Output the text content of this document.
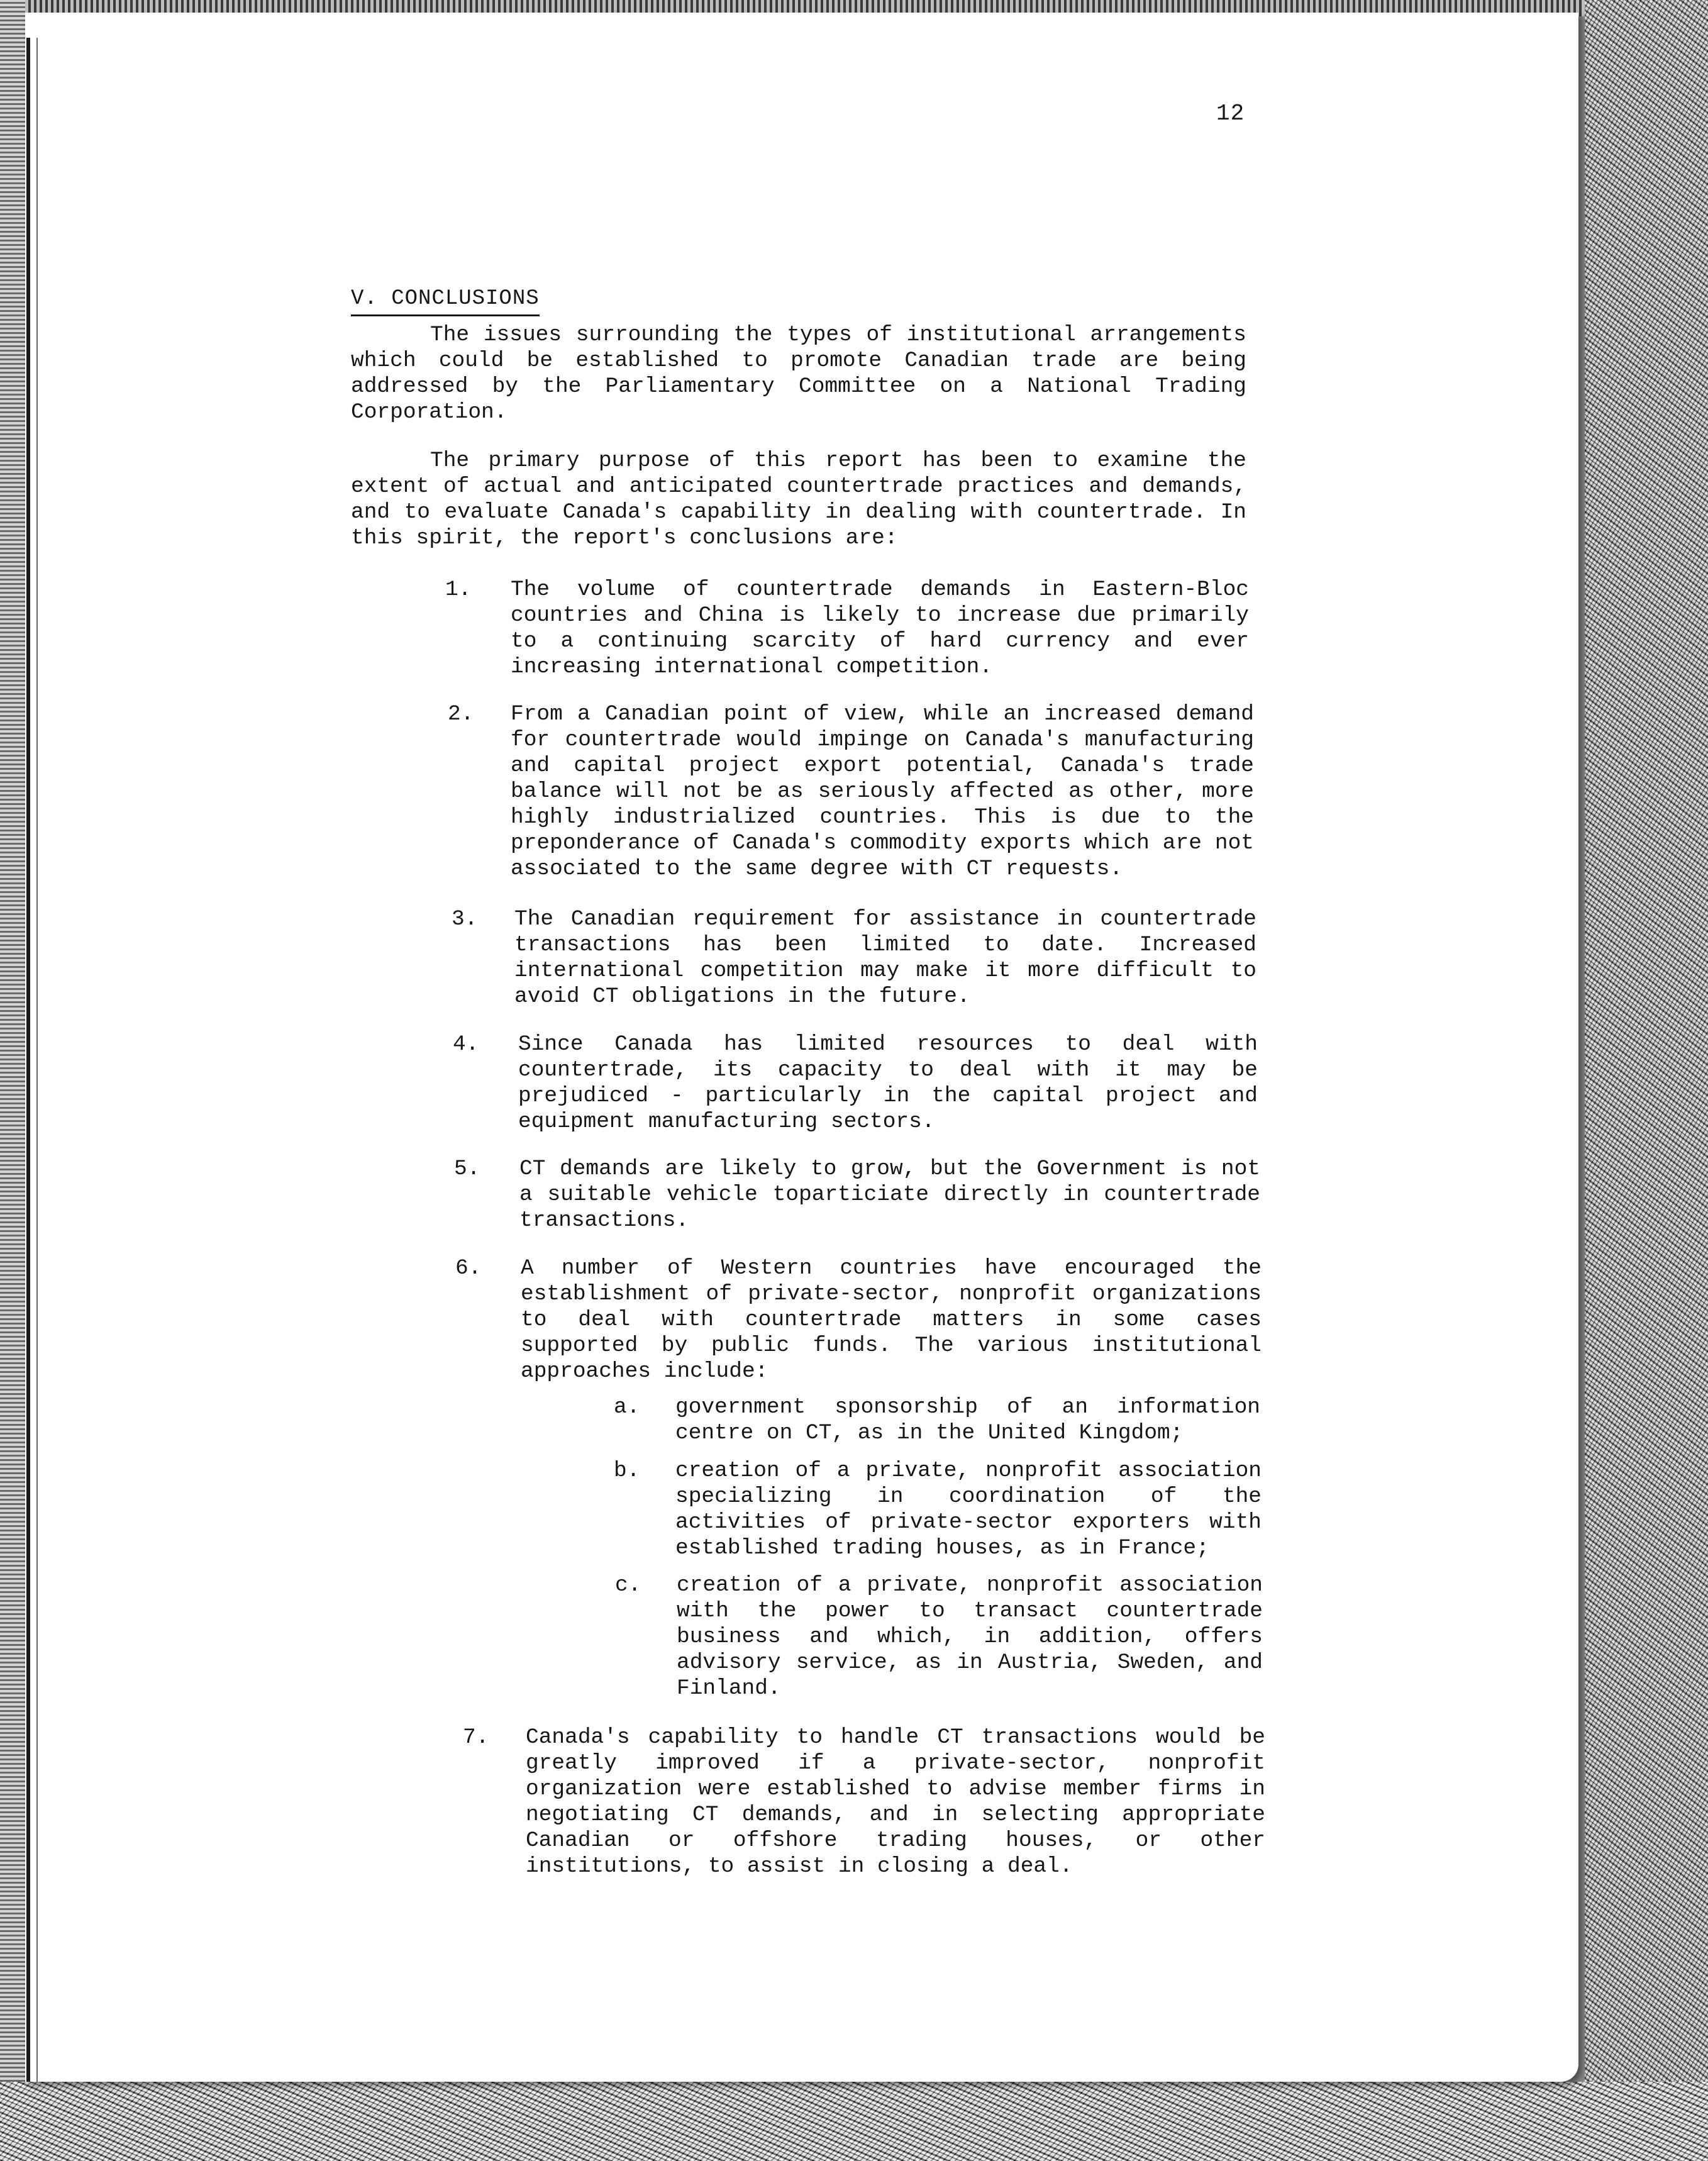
12
V. CONCLUSIONS
The issues surrounding the types of institutional arrangements which could be established to promote Canadian trade are being addressed by the Parliamentary Committee on a National Trading Corporation.
The primary purpose of this report has been to examine the extent of actual and anticipated countertrade practices and demands, and to evaluate Canada's capability in dealing with countertrade. In this spirit, the report's conclusions are:
1. The volume of countertrade demands in Eastern-Bloc countries and China is likely to increase due primarily to a continuing scarcity of hard currency and ever increasing international competition.
2. From a Canadian point of view, while an increased demand for countertrade would impinge on Canada's manufacturing and capital project export potential, Canada's trade balance will not be as seriously affected as other, more highly industrialized countries. This is due to the preponderance of Canada's commodity exports which are not associated to the same degree with CT requests.
3. The Canadian requirement for assistance in countertrade transactions has been limited to date. Increased international competition may make it more difficult to avoid CT obligations in the future.
4. Since Canada has limited resources to deal with countertrade, its capacity to deal with it may be prejudiced - particularly in the capital project and equipment manufacturing sectors.
5. CT demands are likely to grow, but the Government is not a suitable vehicle toparticiate directly in countertrade transactions.
6. A number of Western countries have encouraged the establishment of private-sector, nonprofit organizations to deal with countertrade matters in some cases supported by public funds. The various institutional approaches include:
a. government sponsorship of an information centre on CT, as in the United Kingdom;
b. creation of a private, nonprofit association specializing in coordination of the activities of private-sector exporters with established trading houses, as in France;
c. creation of a private, nonprofit association with the power to transact countertrade business and which, in addition, offers advisory service, as in Austria, Sweden, and Finland.
7. Canada's capability to handle CT transactions would be greatly improved if a private-sector, nonprofit organization were established to advise member firms in negotiating CT demands, and in selecting appropriate Canadian or offshore trading houses, or other institutions, to assist in closing a deal.
